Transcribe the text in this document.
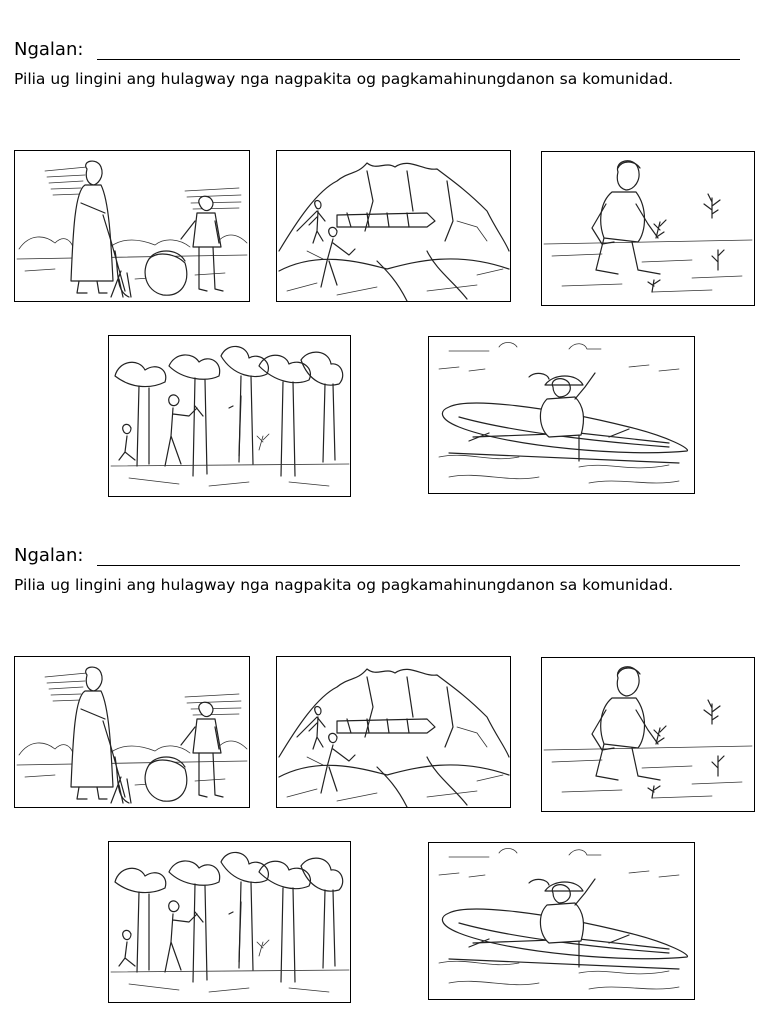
Ngalan:
Pilia ug lingini ang hulagway nga nagpakita og pagkamahinungdanon sa komunidad.
Ngalan:
Pilia ug lingini ang hulagway nga nagpakita og pagkamahinungdanon sa komunidad.
